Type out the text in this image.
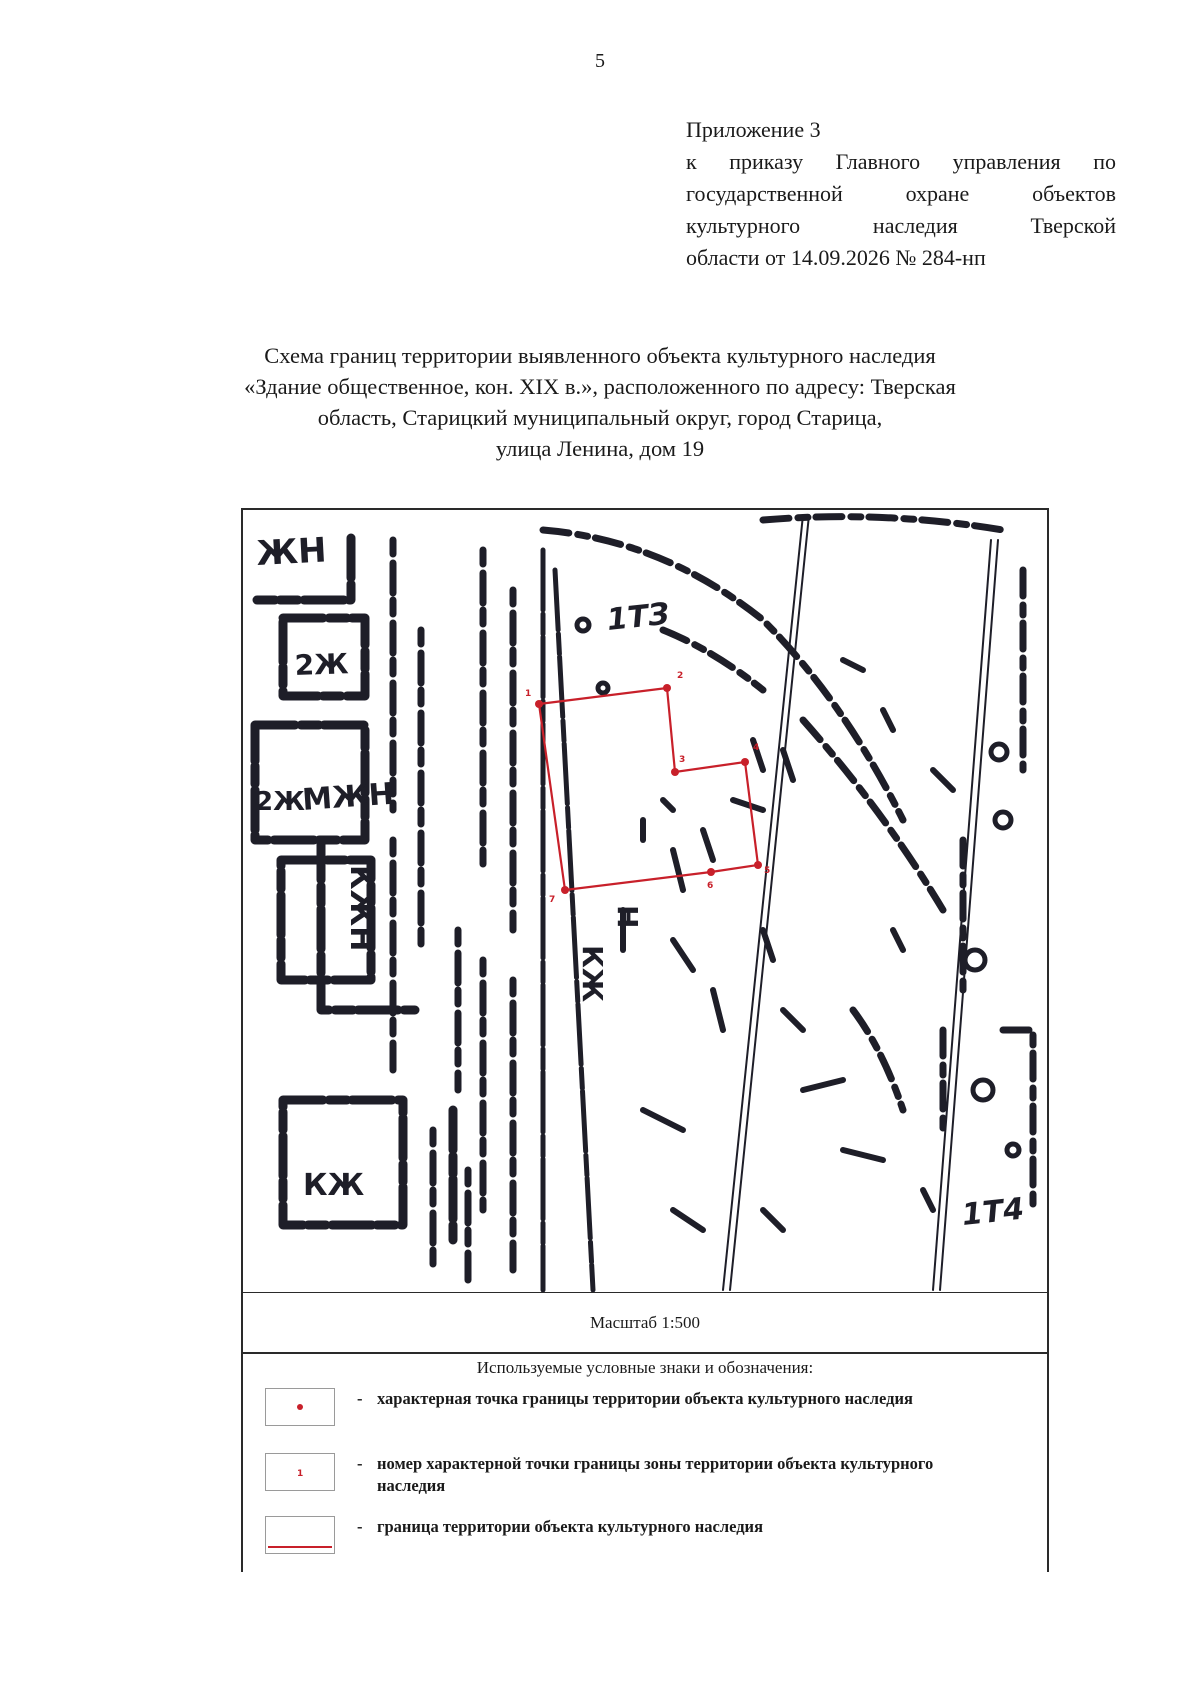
5
Приложение 3
к приказу Главного управления по
государственной охране объектов
культурного наследия Тверской
области от 14.09.2026 № 284-нп
Схема границ территории выявленного объекта культурного наследия
«Здание общественное, кон. XIX в.», расположенного по адресу: Тверская
область, Старицкий муниципальный округ, город Старица,
улица Ленина, дом 19
ЖН
2Ж
МЖН
2Ж
КЖН
КЖ
1ТЗ
1Т4
Н
КЖ
1
2
3
4
5
6
7
Масштаб 1:500
Используемые условные знаки и обозначения:
- характерная точка границы территории объекта культурного наследия
1
- номер характерной точки границы зоны территории объекта культурного наследия
- граница территории объекта культурного наследия
